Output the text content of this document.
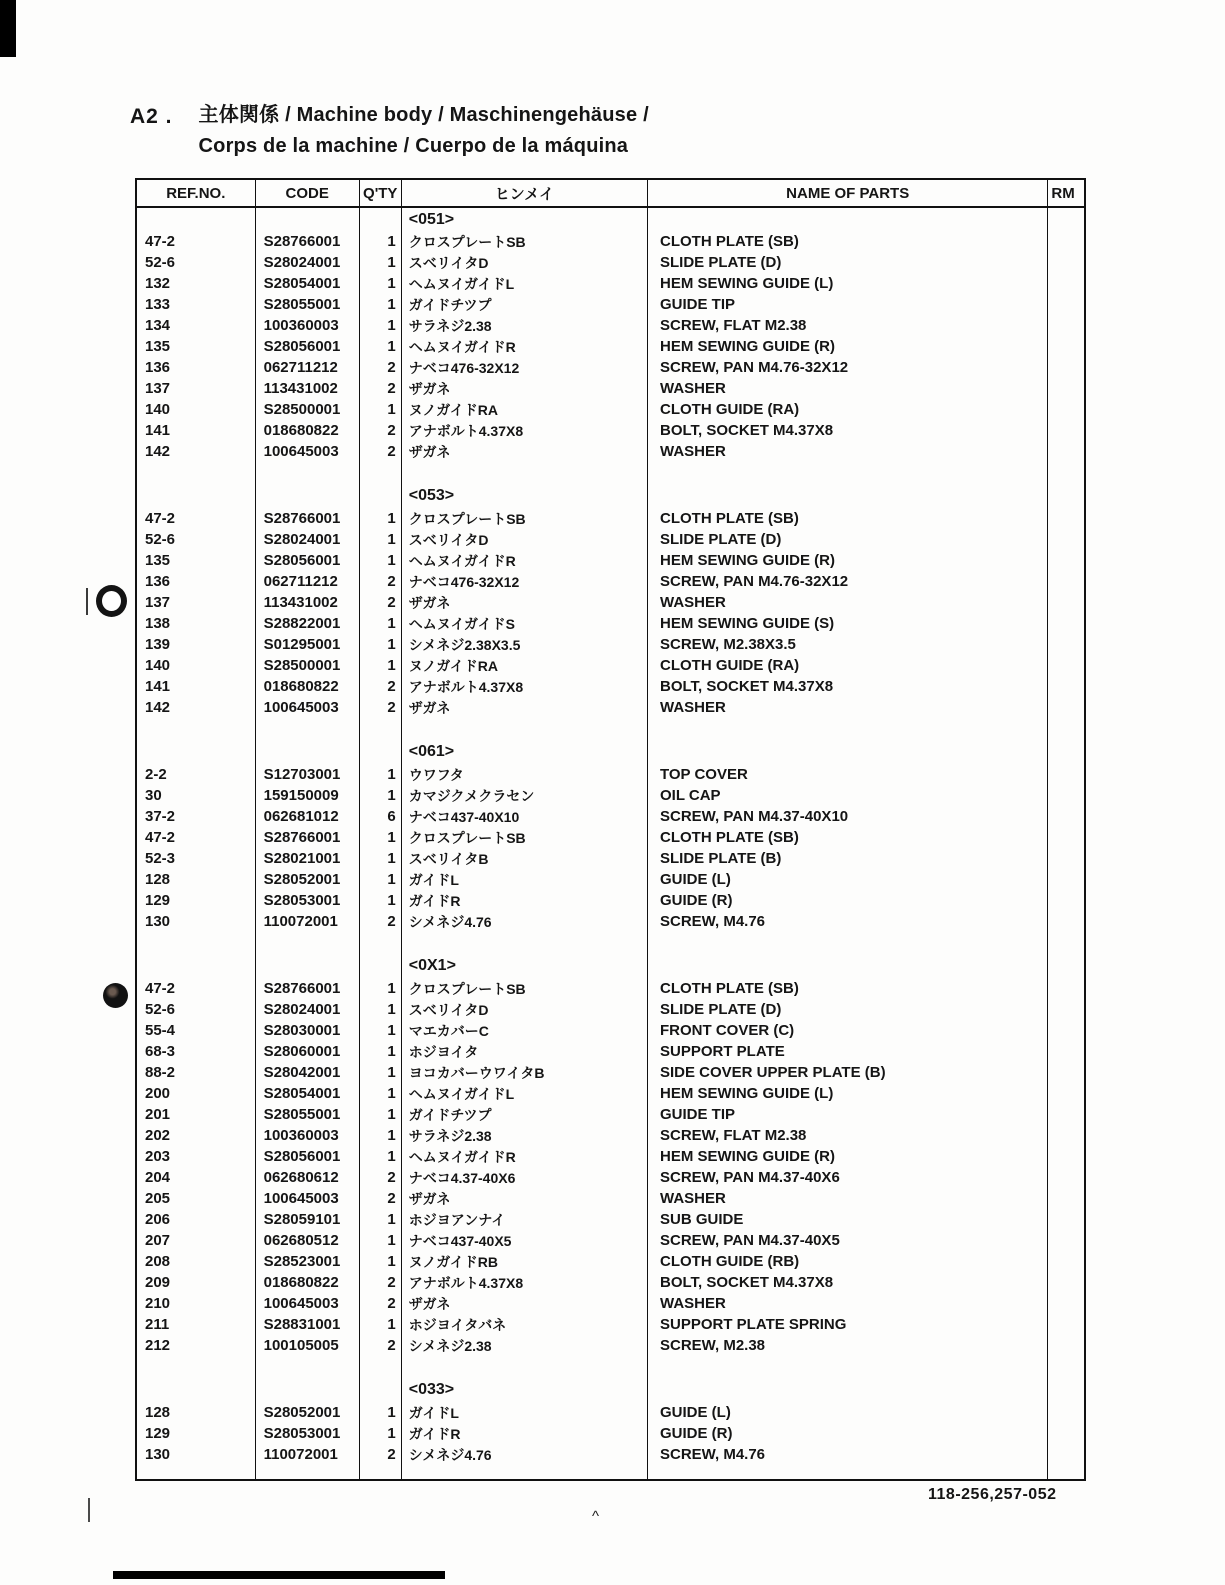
^
A2 . 主体関係 / Machine body / Maschinengehäuse /
Corps de la machine / Cuerpo de la máquina
REF.NO.	CODE	Q'TY	ヒンメイ	NAME OF PARTS	RM
			<051>		
47-2	S28766001	1	クロスプレートSB	CLOTH PLATE (SB)	
52-6	S28024001	1	スベリイタD	SLIDE PLATE (D)	
132	S28054001	1	ヘムヌイガイドL	HEM SEWING GUIDE (L)	
133	S28055001	1	ガイドチツプ	GUIDE TIP	
134	100360003	1	サラネジ2.38	SCREW, FLAT M2.38	
135	S28056001	1	ヘムヌイガイドR	HEM SEWING GUIDE (R)	
136	062711212	2	ナベコ476-32X12	SCREW, PAN M4.76-32X12	
137	113431002	2	ザガネ	WASHER	
140	S28500001	1	ヌノガイドRA	CLOTH GUIDE (RA)	
141	018680822	2	アナボルト4.37X8	BOLT, SOCKET M4.37X8	
142	100645003	2	ザガネ	WASHER	

			<053>		
47-2	S28766001	1	クロスプレートSB	CLOTH PLATE (SB)	
52-6	S28024001	1	スベリイタD	SLIDE PLATE (D)	
135	S28056001	1	ヘムヌイガイドR	HEM SEWING GUIDE (R)	
136	062711212	2	ナベコ476-32X12	SCREW, PAN M4.76-32X12	
137	113431002	2	ザガネ	WASHER	
138	S28822001	1	ヘムヌイガイドS	HEM SEWING GUIDE (S)	
139	S01295001	1	シメネジ2.38X3.5	SCREW, M2.38X3.5	
140	S28500001	1	ヌノガイドRA	CLOTH GUIDE (RA)	
141	018680822	2	アナボルト4.37X8	BOLT, SOCKET M4.37X8	
142	100645003	2	ザガネ	WASHER	

			<061>		
2-2	S12703001	1	ウワフタ	TOP COVER	
30	159150009	1	カマジクメクラセン	OIL CAP	
37-2	062681012	6	ナベコ437-40X10	SCREW, PAN M4.37-40X10	
47-2	S28766001	1	クロスプレートSB	CLOTH PLATE (SB)	
52-3	S28021001	1	スベリイタB	SLIDE PLATE (B)	
128	S28052001	1	ガイドL	GUIDE (L)	
129	S28053001	1	ガイドR	GUIDE (R)	
130	110072001	2	シメネジ4.76	SCREW, M4.76	

			<0X1>		
47-2	S28766001	1	クロスプレートSB	CLOTH PLATE (SB)	
52-6	S28024001	1	スベリイタD	SLIDE PLATE (D)	
55-4	S28030001	1	マエカバーC	FRONT COVER (C)	
68-3	S28060001	1	ホジヨイタ	SUPPORT PLATE	
88-2	S28042001	1	ヨコカバーウワイタB	SIDE COVER UPPER PLATE (B)	
200	S28054001	1	ヘムヌイガイドL	HEM SEWING GUIDE (L)	
201	S28055001	1	ガイドチツプ	GUIDE TIP	
202	100360003	1	サラネジ2.38	SCREW, FLAT M2.38	
203	S28056001	1	ヘムヌイガイドR	HEM SEWING GUIDE (R)	
204	062680612	2	ナベコ4.37-40X6	SCREW, PAN M4.37-40X6	
205	100645003	2	ザガネ	WASHER	
206	S28059101	1	ホジヨアンナイ	SUB GUIDE	
207	062680512	1	ナベコ437-40X5	SCREW, PAN M4.37-40X5	
208	S28523001	1	ヌノガイドRB	CLOTH GUIDE (RB)	
209	018680822	2	アナボルト4.37X8	BOLT, SOCKET M4.37X8	
210	100645003	2	ザガネ	WASHER	
211	S28831001	1	ホジヨイタバネ	SUPPORT PLATE SPRING	
212	100105005	2	シメネジ2.38	SCREW, M2.38	

			<033>		
128	S28052001	1	ガイドL	GUIDE (L)	
129	S28053001	1	ガイドR	GUIDE (R)	
130	110072001	2	シメネジ4.76	SCREW, M4.76	

118-256,257-052
